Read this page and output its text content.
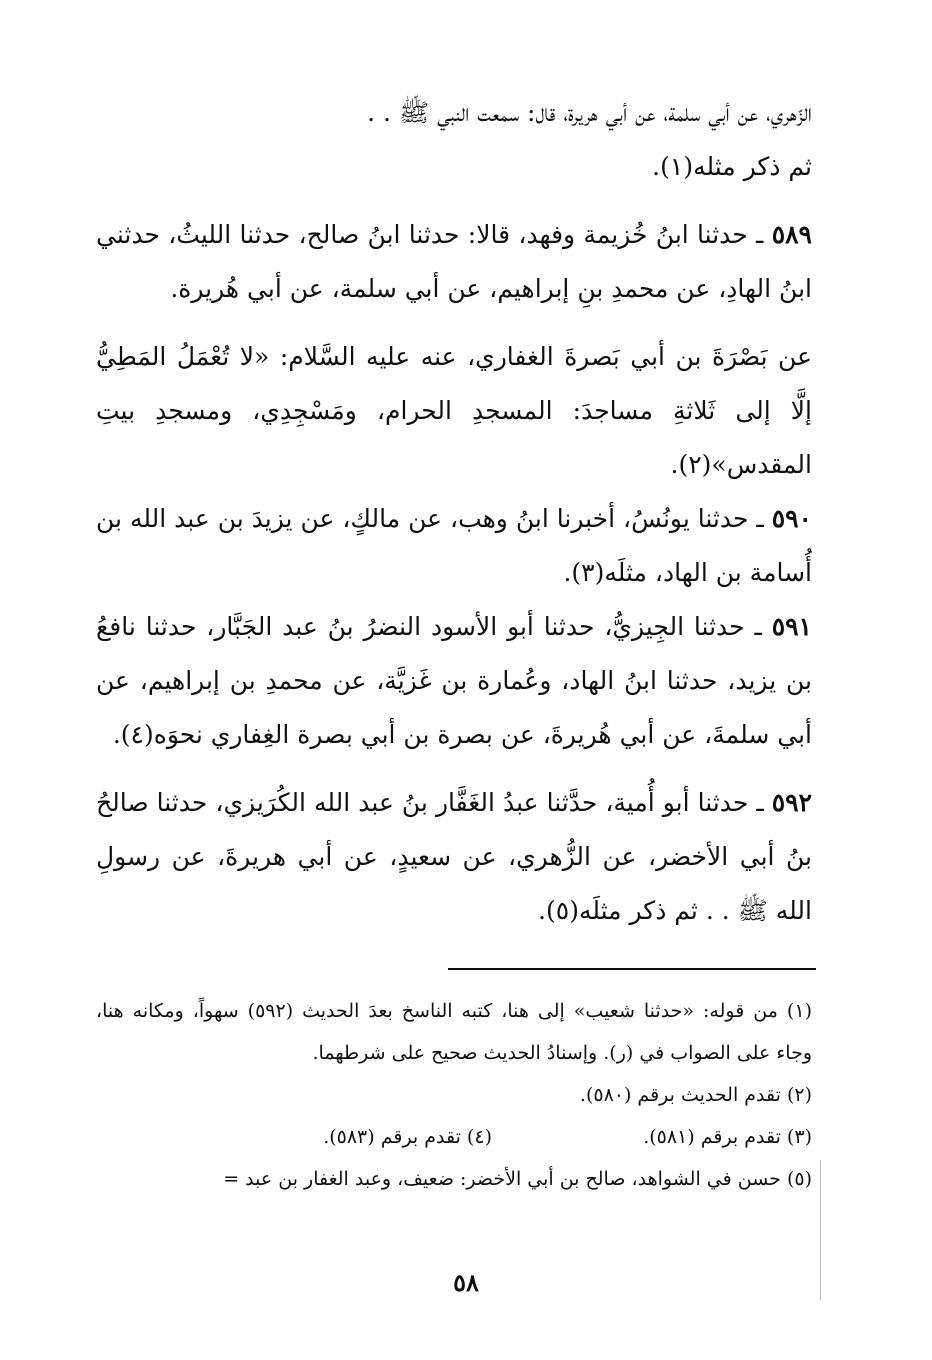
الزّهري، عن أبي سلمة، عن أبي هريرة، قال: سمعت النبي ﷺ . .
ثم ذكر مثله(١).

٥٨٩ ـ حدثنا ابنُ خُزيمة وفهد، قالا: حدثنا ابنُ صالح، حدثنا الليثُ، حدثني ابنُ الهادِ، عن محمدِ بنِ إبراهيم، عن أبي سلمة، عن أبي هُريرة.

عن بَصْرَةَ بن أبي بَصرةَ الغفاري، عنه عليه السَّلام: «لا تُعْمَلُ المَطِيُّ إلَّا إلى ثَلاثةِ مساجدَ: المسجدِ الحرام، ومَسْجِدِي، ومسجدِ بيتِ المقدس»(٢).

٥٩٠ ـ حدثنا يونُسُ، أخبرنا ابنُ وهب، عن مالكٍ، عن يزيدَ بن عبد الله بن أُسامة بن الهاد، مثلَه(٣).

٥٩١ ـ حدثنا الجِيزيُّ، حدثنا أبو الأسود النضرُ بنُ عبد الجَبَّار، حدثنا نافعُ بن يزيد، حدثنا ابنُ الهاد، وعُمارة بن غَزيَّة، عن محمدِ بن إبراهيم، عن أبي سلمةَ، عن أبي هُريرةَ، عن بصرة بن أبي بصرة الغِفاري نحوَه(٤).

٥٩٢ ـ حدثنا أبو أُمية، حدَّثنا عبدُ الغَفَّار بنُ عبد الله الكُرَيزي، حدثنا صالحُ بنُ أبي الأخضر، عن الزُّهري، عن سعيدٍ، عن أبي هريرةَ، عن رسولِ الله ﷺ . . ثم ذكر مثلَه(٥).

(١) من قوله: «حدثنا شعيب» إلى هنا، كتبه الناسخ بعدَ الحديث (٥٩٢) سهواً، ومكانه هنا، وجاء على الصواب في (ر). وإسنادُ الحديث صحيح على شرطهما.

(٢) تقدم الحديث برقم (٥٨٠).

(٣) تقدم برقم (٥٨١).
(٤) تقدم برقم (٥٨٣).

(٥) حسن في الشواهد، صالح بن أبي الأخضر: ضعيف، وعبد الغفار بن عبد =

٥٨
